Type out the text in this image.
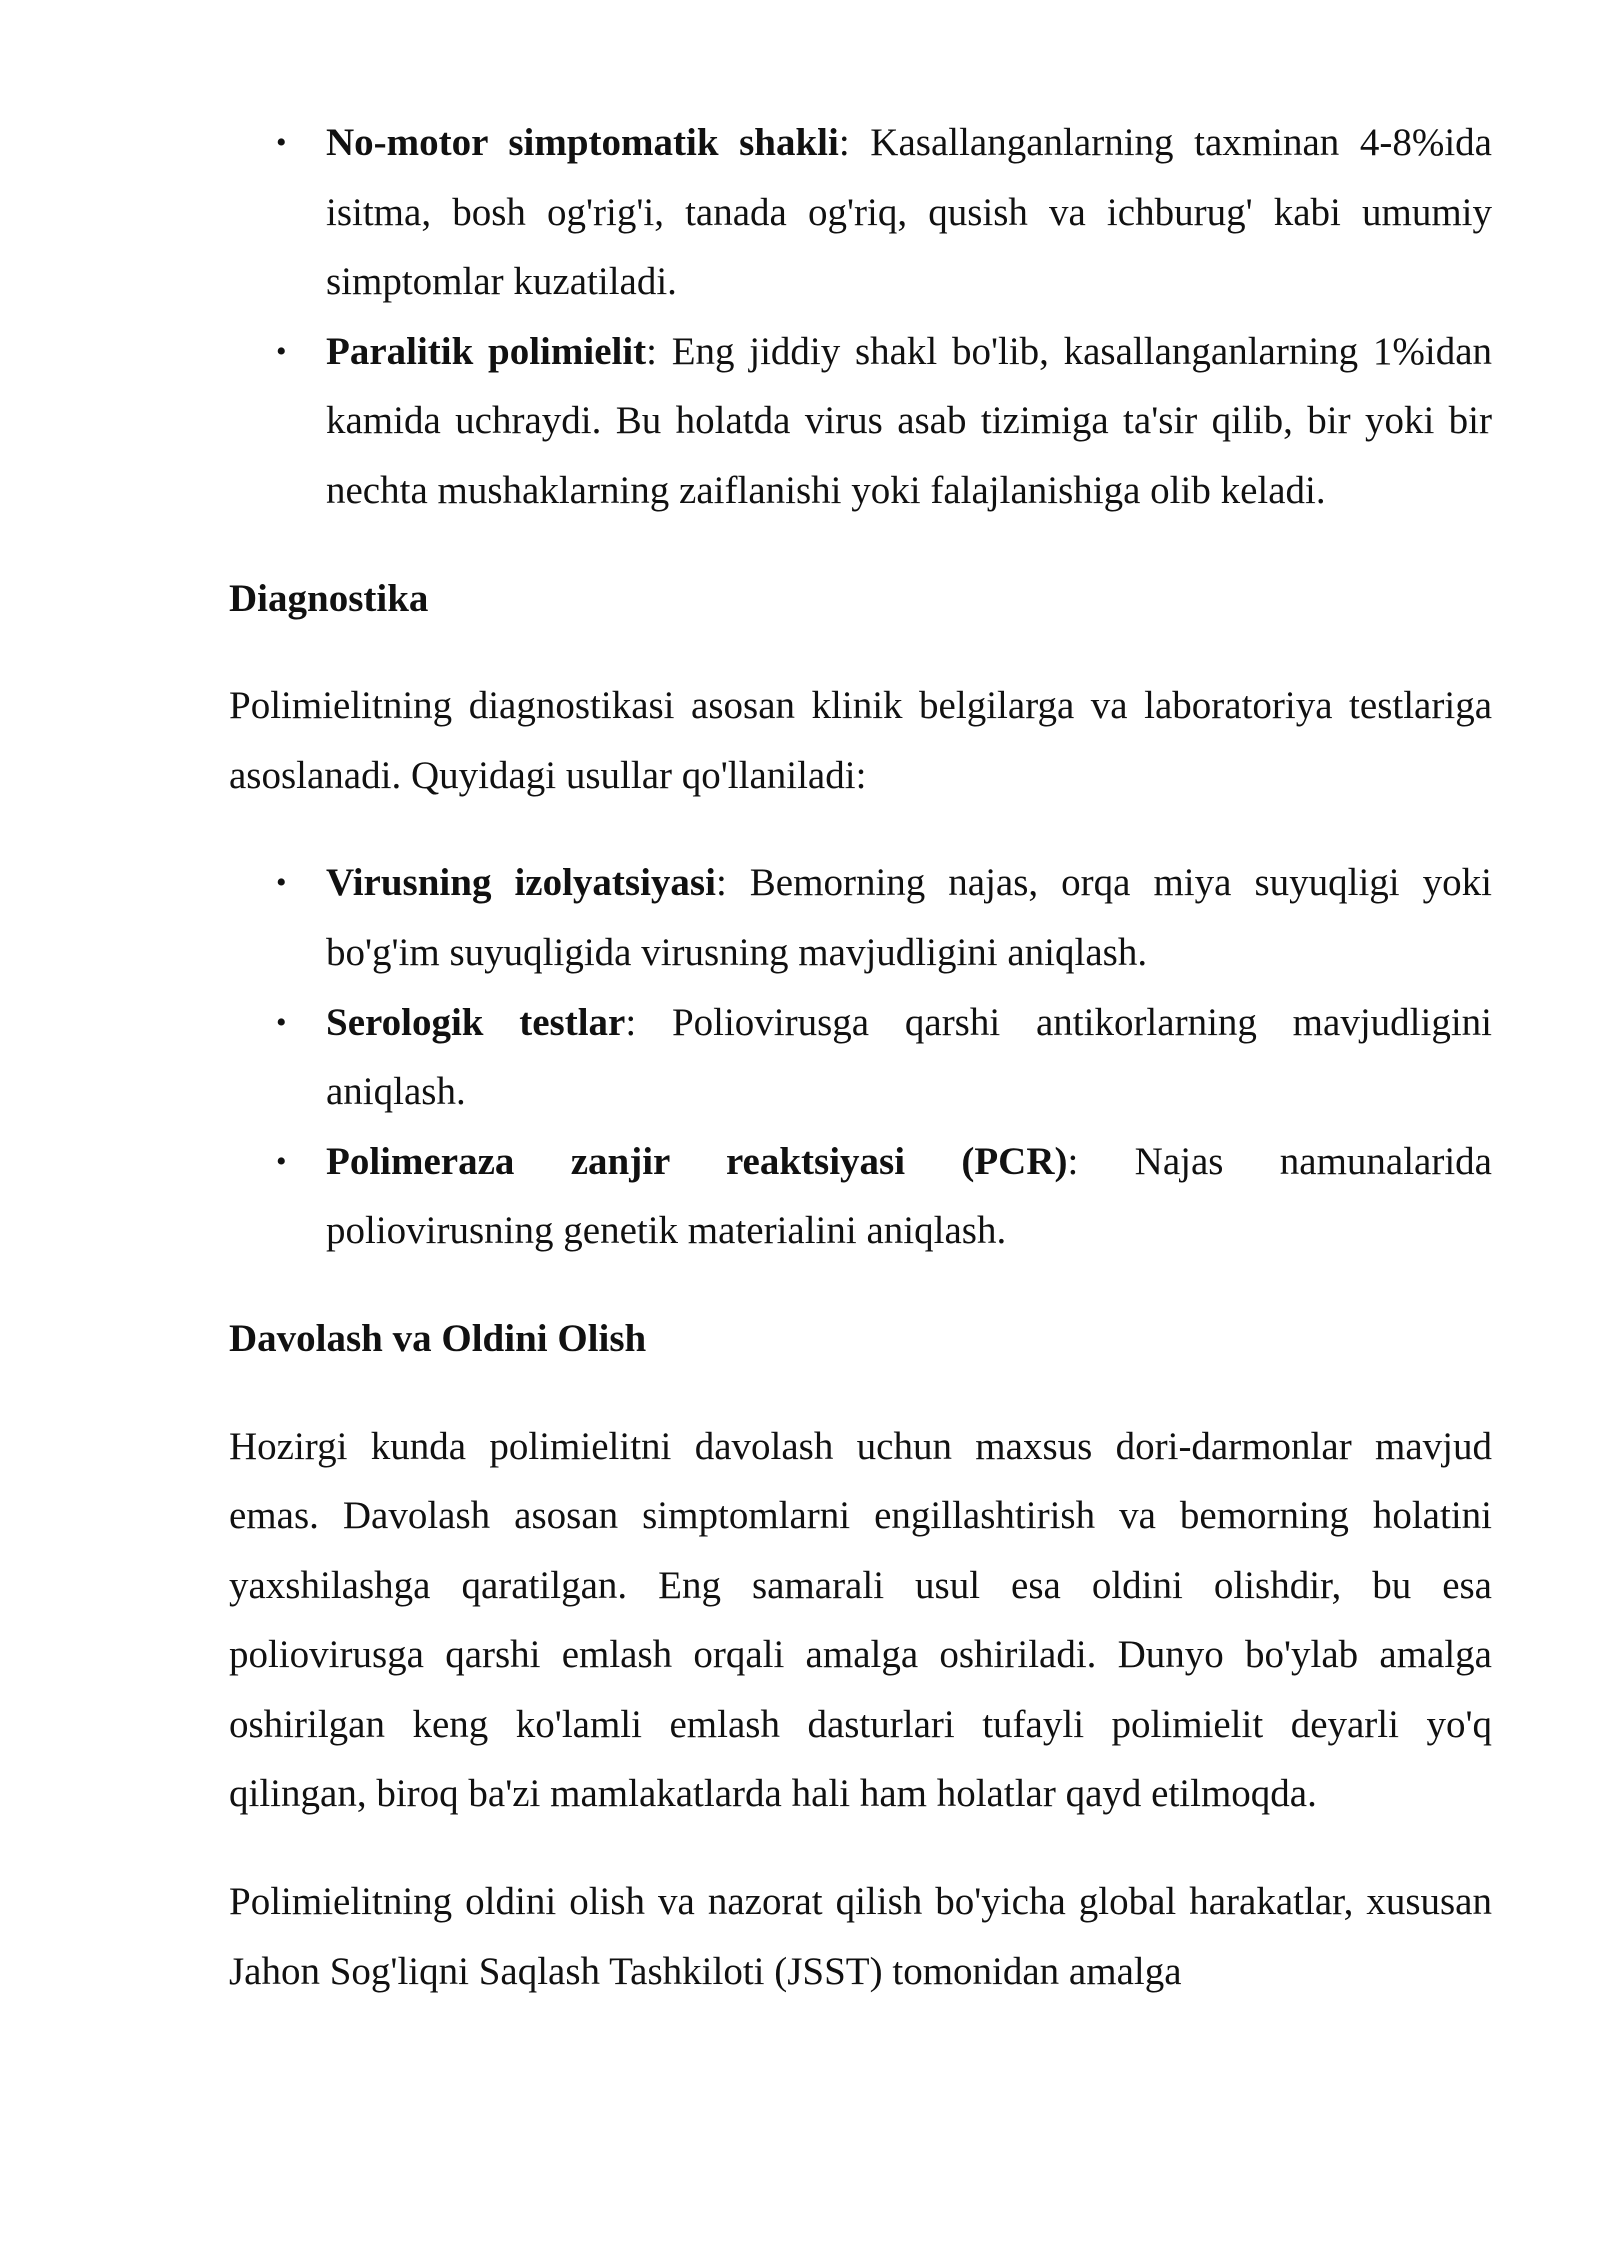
• No-motor simptomatik shakli: Kasallanganlarning taxminan 4-8%ida isitma, bosh og'rig'i, tanada og'riq, qusish va ichburug' kabi umumiy simptomlar kuzatiladi.
• Paralitik polimielit: Eng jiddiy shakl bo'lib, kasallanganlarning 1%idan kamida uchraydi. Bu holatda virus asab tizimiga ta'sir qilib, bir yoki bir nechta mushaklarning zaiflanishi yoki falajlanishiga olib keladi.
Diagnostika

Polimielitning diagnostikasi asosan klinik belgilarga va laboratoriya testlariga asoslanadi. Quyidagi usullar qo'llaniladi:

• Virusning izolyatsiyasi: Bemorning najas, orqa miya suyuqligi yoki bo'g'im suyuqligida virusning mavjudligini aniqlash.
• Serologik testlar: Poliovirusga qarshi antikorlarning mavjudligini aniqlash.
• Polimeraza zanjir reaktsiyasi (PCR): Najas namunalarida poliovirusning genetik materialini aniqlash.
Davolash va Oldini Olish

Hozirgi kunda polimielitni davolash uchun maxsus dori-darmonlar mavjud emas. Davolash asosan simptomlarni engillashtirish va bemorning holatini yaxshilashga qaratilgan. Eng samarali usul esa oldini olishdir, bu esa poliovirusga qarshi emlash orqali amalga oshiriladi. Dunyo bo'ylab amalga oshirilgan keng ko'lamli emlash dasturlari tufayli polimielit deyarli yo'q qilingan, biroq ba'zi mamlakatlarda hali ham holatlar qayd etilmoqda.

Polimielitning oldini olish va nazorat qilish bo'yicha global harakatlar, xususan Jahon Sog'liqni Saqlash Tashkiloti (JSST) tomonidan amalga
